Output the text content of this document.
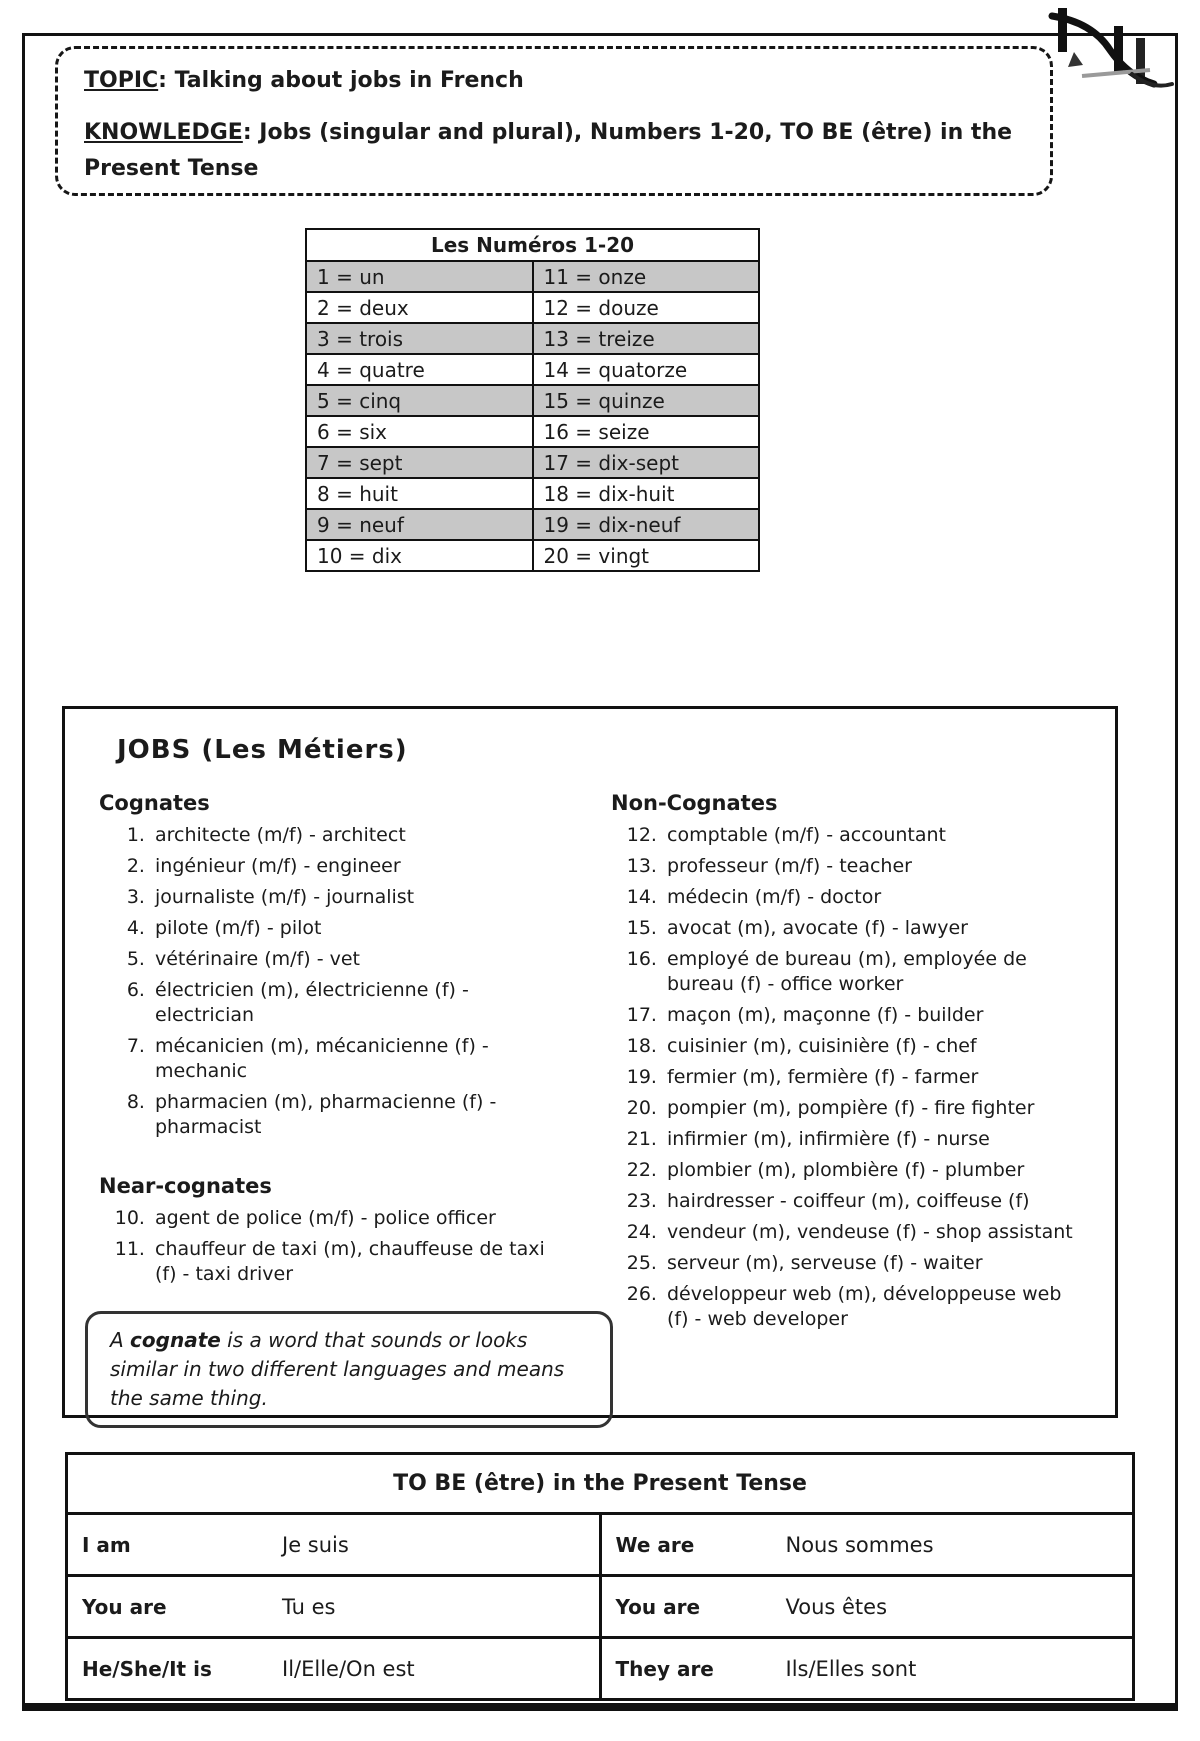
TOPIC: Talking about jobs in French

KNOWLEDGE: Jobs (singular and plural), Numbers 1-20, TO BE (être) in the Present Tense

Les Numéros 1-20	
1 = un	11 = onze
2 = deux	12 = douze
3 = trois	13 = treize
4 = quatre	14 = quatorze
5 = cinq	15 = quinze
6 = six	16 = seize
7 = sept	17 = dix-sept
8 = huit	18 = dix-huit
9 = neuf	19 = dix-neuf
10 = dix	20 = vingt

JOBS (Les Métiers)

Cognates

1. architecte (m/f) - architect
2. ingénieur (m/f) - engineer
3. journaliste (m/f) - journalist
4. pilote (m/f) - pilot
5. vétérinaire (m/f) - vet
6. électricien (m), électricienne (f) - electrician
7. mécanicien (m), mécanicienne (f) - mechanic
8. pharmacien (m), pharmacienne (f) - pharmacist

Near-cognates

10. agent de police (m/f) - police officer
11. chauffeur de taxi (m), chauffeuse de taxi (f) - taxi driver
A cognate is a word that sounds or looks similar in two different languages and means the same thing.

Non-Cognates

12. comptable (m/f) - accountant
13. professeur (m/f) - teacher
14. médecin (m/f) - doctor
15. avocat (m), avocate (f) - lawyer
16. employé de bureau (m), employée de bureau (f) - office worker
17. maçon (m), maçonne (f) - builder
18. cuisinier (m), cuisinière (f) - chef
19. fermier (m), fermière (f) - farmer
20. pompier (m), pompière (f) - fire fighter
21. infirmier (m), infirmière (f) - nurse
22. plombier (m), plombière (f) - plumber
23. hairdresser - coiffeur (m), coiffeuse (f)
24. vendeur (m), vendeuse (f) - shop assistant
25. serveur (m), serveuse (f) - waiter
26. développeur web (m), développeuse web (f) - web developer
TO BE (être) in the Present Tense	
I am Je suis	We are Nous sommes
You are Tu es	You are Vous êtes
He/She/It is Il/Elle/On est	They are Ils/Elles sont
